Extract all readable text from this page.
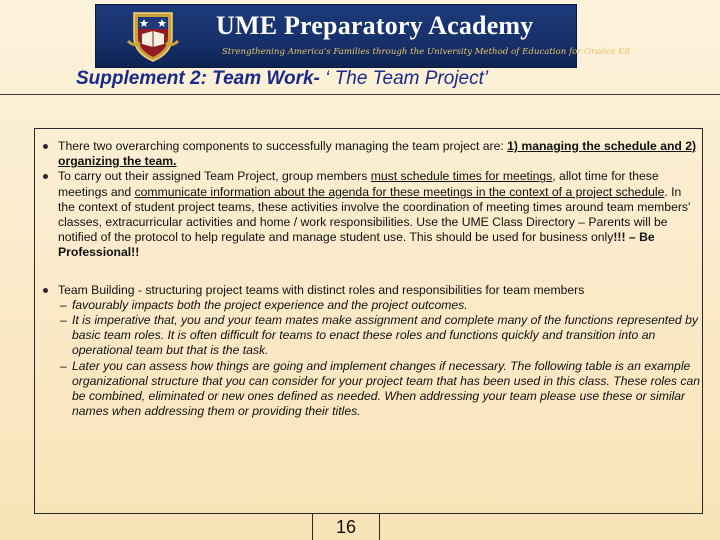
UME Preparatory Academy
Strengthening America's Families through the University Method of Education for Grades K8
Supplement 2: Team Work- ‘ The Team Project’
There two overarching components to successfully managing the team project are: 1) managing the schedule and 2) organizing the team.
To carry out their assigned Team Project, group members must schedule times for meetings, allot time for these meetings and communicate information about the agenda for these meetings in the context of a project schedule. In the context of student project teams, these activities involve the coordination of meeting times around team members' classes, extracurricular activities and home / work responsibilities. Use the UME Class Directory – Parents will be notified of the protocol to help regulate and manage student use. This should be used for business only!!! – Be Professional!!
Team Building - structuring project teams with distinct roles and responsibilities for team members
– favourably impacts both the project experience and the project outcomes.
– It is imperative that, you and your team mates make assignment and complete many of the functions represented by basic team roles. It is often difficult for teams to enact these roles and functions quickly and transition into an operational team but that is the task.
– Later you can assess how things are going and implement changes if necessary. The following table is an example organizational structure that you can consider for your project team that has been used in this class. These roles can be combined, eliminated or new ones defined as needed. When addressing your team please use these or similar names when addressing them or providing their titles.
16
